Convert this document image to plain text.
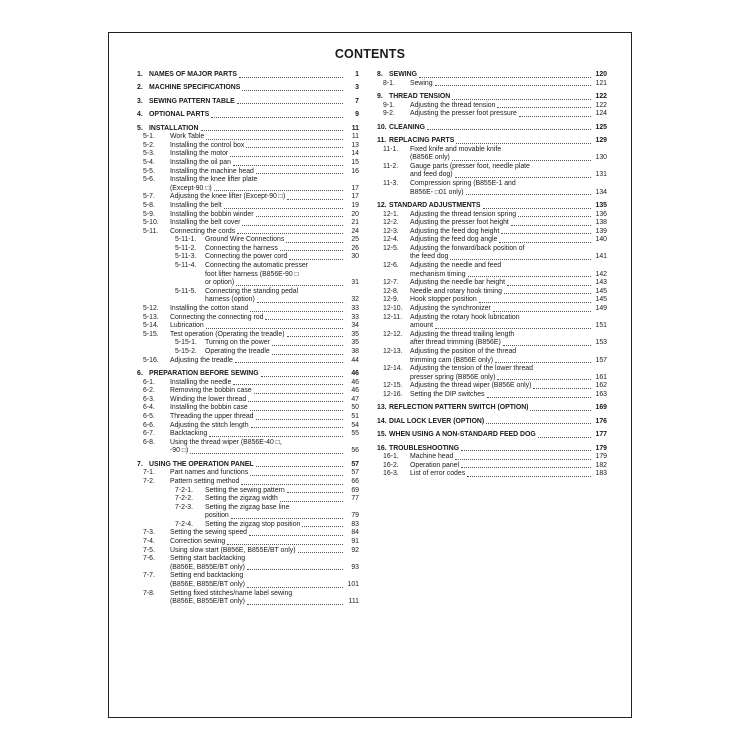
CONTENTS
1. NAMES OF MAJOR PARTS	1
2. MACHINE SPECIFICATIONS	3
3. SEWING PATTERN TABLE	7
4. OPTIONAL PARTS	9
5. INSTALLATION	11
5-1.	Work Table	11
5-2.	Installing the control box	13
5-3.	Installing the motor	14
5-4.	Installing the oil pan	15
5-5.	Installing the machine head	16
5-6.	Installing the knee lifter plate
(Except-90 □)	17
5-7.	Adjusting the knee lifter (Except-90 □)	17
5-8.	Installing the belt	19
5-9.	Installing the bobbin winder	20
5-10.	Installing the belt cover	21
5-11.	Connecting the cords	24
5-11-1.	Ground Wire Connections	25
5-11-2.	Connecting the harness	26
5-11-3.	Connecting the power cord	30
5-11-4.	Connecting the automatic presser
foot lifter harness (B856E-90 □
or option)	31
5-11-5.	Connecting the standing pedal
harness (option)	32
5-12.	Installing the cotton stand	33
5-13.	Connecting the connecting rod	33
5-14.	Lubrication	34
5-15.	Test operation (Operating the treadle)	35
5-15-1.	Turning on the power	35
5-15-2.	Operating the treadle	38
5-16.	Adjusting the treadle	44
6. PREPARATION BEFORE SEWING	46
6-1.	Installing the needle	46
6-2.	Removing the bobbin case	46
6-3.	Winding the lower thread	47
6-4.	Installing the bobbin case	50
6-5.	Threading the upper thread	51
6-6.	Adjusting the stitch length	54
6-7.	Backtacking	55
6-8.	Using the thread wiper (B856E-40 □,
-90 □)	56
7. USING THE OPERATION PANEL	57
7-1.	Part names and functions	57
7-2.	Pattern setting method	66
7-2-1.	Setting the sewing pattern	69
7-2-2.	Setting the zigzag width	77
7-2-3.	Setting the zigzag base line
position	79
7-2-4.	Setting the zigzag stop position	83
7-3.	Setting the sewing speed	84
7-4.	Correction sewing	91
7-5.	Using slow start (B856E, B855E/BT only)	92
7-6.	Setting start backtacking
(B856E, B855E/BT only)	93
7-7.	Setting end backtacking
(B856E, B855E/BT only)	101
7-8.	Setting fixed stitches/name label sewing
(B856E, B855E/BT only)	111
8. SEWING	120
8-1.	Sewing	121
9. THREAD TENSION	122
9-1.	Adjusting the thread tension	122
9-2.	Adjusting the presser foot pressure	124
10. CLEANING	125
11. REPLACING PARTS	129
11-1.	Fixed knife and movable knife
(B856E only)	130
11-2.	Gauge parts (presser foot, needle plate
and feed dog)	131
11-3.	Compression spring (B855E-1 and
B856E- □01 only)	134
12. STANDARD ADJUSTMENTS	135
12-1.	Adjusting the thread tension spring	136
12-2.	Adjusting the presser foot height	138
12-3.	Adjusting the feed dog height	139
12-4.	Adjusting the feed dog angle	140
12-5.	Adjusting the forward/back position of
the feed dog	141
12-6.	Adjusting the needle and feed
mechanism timing	142
12-7.	Adjusting the needle bar height	143
12-8.	Needle and rotary hook timing	145
12-9.	Hook stopper position	145
12-10.	Adjusting the synchronizer	149
12-11.	Adjusting the rotary hook lubrication
amount	151
12-12.	Adjusting the thread trailing length
after thread trimming (B856E)	153
12-13.	Adjusting the position of the thread
trimming cam (B856E only)	157
12-14.	Adjusting the tension of the lower thread
presser spring (B856E only)	161
12-15.	Adjusting the thread wiper (B856E only)	162
12-16.	Setting the DIP switches	163
13. REFLECTION PATTERN SWITCH (OPTION)	169
14. DIAL LOCK LEVER (OPTION)	176
15. WHEN USING A NON-STANDARD FEED DOG	177
16. TROUBLESHOOTING	179
16-1.	Machine head	179
16-2.	Operation panel	182
16-3.	List of error codes	183
